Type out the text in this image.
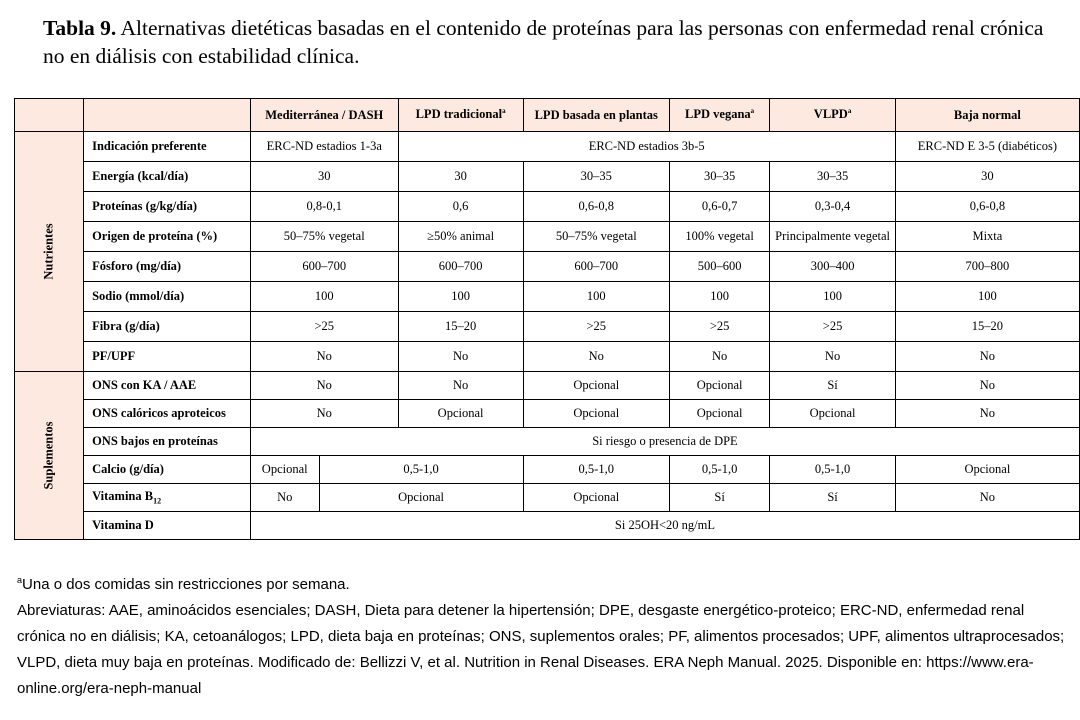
Tabla 9. Alternativas dietéticas basadas en el contenido de proteínas para las personas con enfermedad renal crónica no en diálisis con estabilidad clínica.

		Mediterránea / DASH		LPD tradicional$^a$	LPD basada en plantas	LPD vegana$^a$	VLPD$^a$	Baja normal
Nutrientes	Indicación preferente	ERC-ND estadios 1-3a		ERC-ND estadios 3b-5				ERC-ND E 3-5 (diabéticos)
	Energía (kcal/día)	30		30	30–35	30–35	30–35	30
	Proteínas (g/kg/día)	0,8-0,1		0,6	0,6-0,8	0,6-0,7	0,3-0,4	0,6-0,8
	Origen de proteína (%)	50–75% vegetal		≥50% animal	50–75% vegetal	100% vegetal	Principalmente vegetal	Mixta
	Fósforo (mg/día)	600–700		600–700	600–700	500–600	300–400	700–800
	Sodio (mmol/día)	100		100	100	100	100	100
	Fibra (g/día)	>25		15–20	>25	>25	>25	15–20
	PF/UPF	No		No	No	No	No	No
Suplementos	ONS con KA / AAE	No		No	Opcional	Opcional	Sí	No
	ONS calóricos aproteicos	No		Opcional	Opcional	Opcional	Opcional	No
	ONS bajos en proteínas	Si riesgo o presencia de DPE						
	Calcio (g/día)	Opcional	0,5-1,0		0,5-1,0	0,5-1,0	0,5-1,0	Opcional
	Vitamina $B_{12}$	No	Opcional		Opcional	Sí	Sí	No
	Vitamina D	Si 25OH<20 ng/mL						

$^a$Una o dos comidas sin restricciones por semana.

Abreviaturas: AAE, aminoácidos esenciales; DASH, Dieta para detener la hipertensión; DPE, desgaste energético-proteico; ERC-ND, enfermedad renal crónica no en diálisis; KA, cetoanálogos; LPD, dieta baja en proteínas; ONS, suplementos orales; PF, alimentos procesados; UPF, alimentos ultraprocesados; VLPD, dieta muy baja en proteínas. Modificado de: Bellizzi V, et al. Nutrition in Renal Diseases. ERA Neph Manual. 2025. Disponible en: https://www.era-online.org/era-neph-manual
